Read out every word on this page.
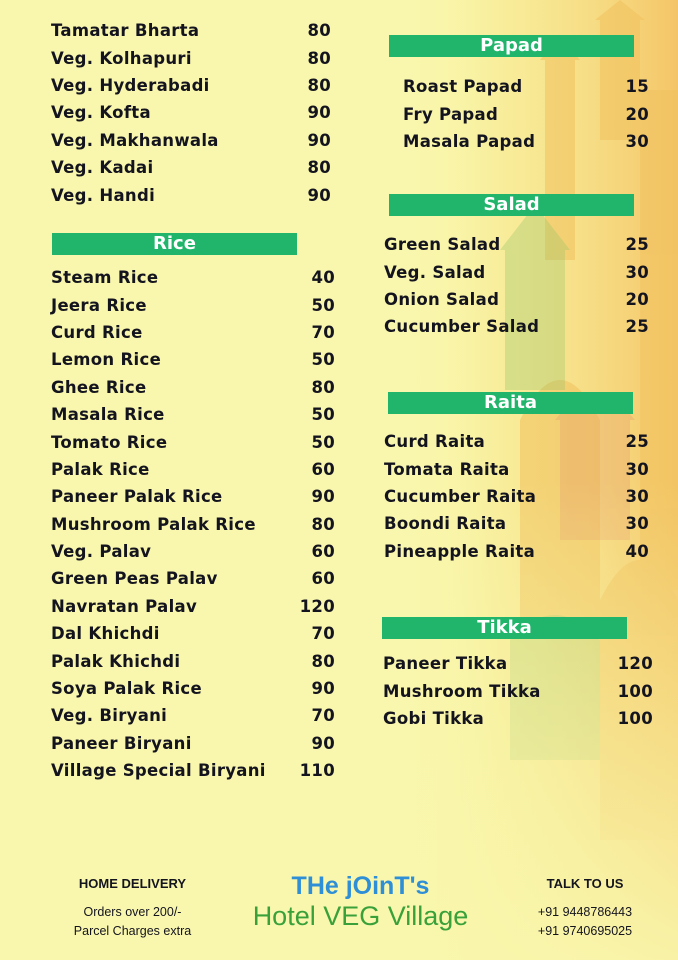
Tamatar Bharta	80
Veg. Kolhapuri	80
Veg. Hyderabadi	80
Veg. Kofta	90
Veg. Makhanwala	90
Veg. Kadai	80
Veg. Handi	90
Rice
Steam Rice	40
Jeera Rice	50
Curd Rice	70
Lemon Rice	50
Ghee Rice	80
Masala Rice	50
Tomato Rice	50
Palak Rice	60
Paneer Palak Rice	90
Mushroom Palak Rice	80
Veg. Palav	60
Green Peas Palav	60
Navratan Palav	120
Dal Khichdi	70
Palak Khichdi	80
Soya Palak Rice	90
Veg. Biryani	70
Paneer Biryani	90
Village Special Biryani 110
Papad
Roast Papad	15
Fry Papad	20
Masala Papad	30
Salad
Green Salad	25
Veg. Salad	30
Onion Salad	20
Cucumber Salad	25
Raita
Curd Raita	25
Tomata Raita	30
Cucumber Raita	30
Boondi Raita	30
Pineapple Raita	40
Tikka
Paneer Tikka	120
Mushroom Tikka	100
Gobi Tikka	100
HOME DELIVERY
Orders over 200/-
Parcel Charges extra
THe jOinT's
Hotel VEG Village
TALK TO US
+91 9448786443
+91 9740695025
